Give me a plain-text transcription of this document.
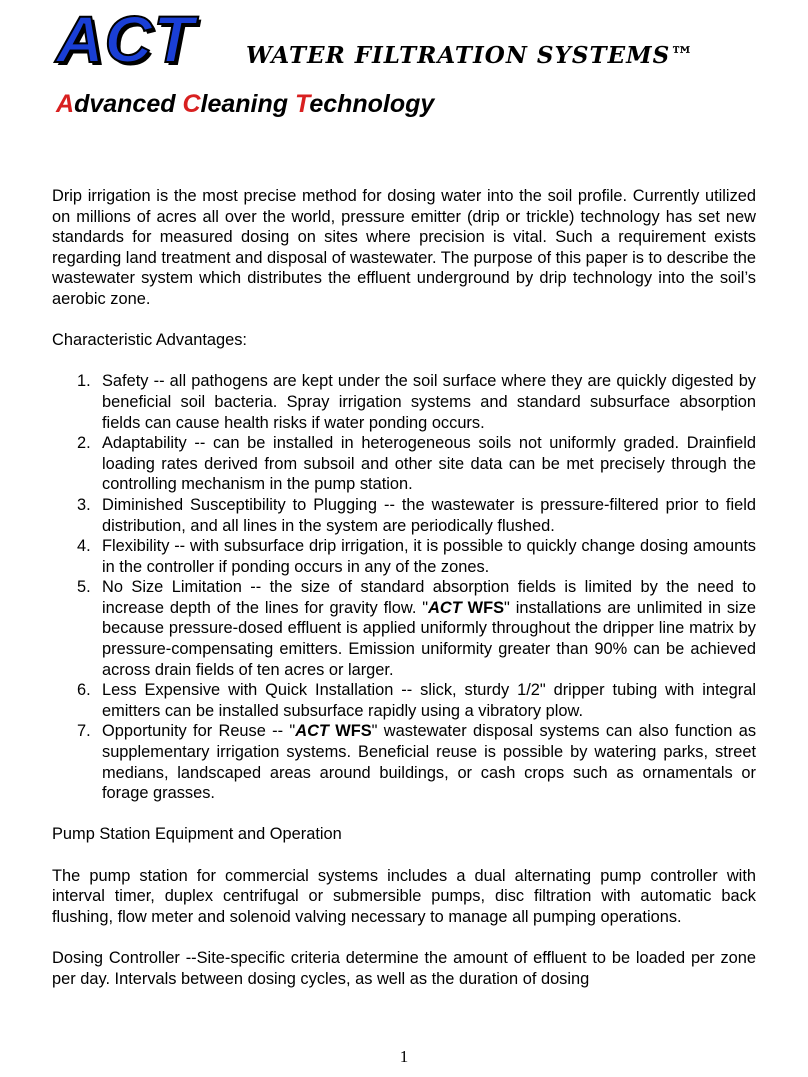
ACT WATER FILTRATION SYSTEMS™
Advanced Cleaning Technology

Drip irrigation is the most precise method for dosing water into the soil profile. Currently utilized on millions of acres all over the world, pressure emitter (drip or trickle) technology has set new standards for measured dosing on sites where precision is vital. Such a requirement exists regarding land treatment and disposal of wastewater. The purpose of this paper is to describe the wastewater system which distributes the effluent underground by drip technology into the soil’s aerobic zone.

Characteristic Advantages:

1. Safety -- all pathogens are kept under the soil surface where they are quickly digested by beneficial soil bacteria. Spray irrigation systems and standard subsurface absorption fields can cause health risks if water ponding occurs.
2. Adaptability -- can be installed in heterogeneous soils not uniformly graded. Drainfield loading rates derived from subsoil and other site data can be met precisely through the controlling mechanism in the pump station.
3. Diminished Susceptibility to Plugging -- the wastewater is pressure-filtered prior to field distribution, and all lines in the system are periodically flushed.
4. Flexibility -- with subsurface drip irrigation, it is possible to quickly change dosing amounts in the controller if ponding occurs in any of the zones.
5. No Size Limitation -- the size of standard absorption fields is limited by the need to increase depth of the lines for gravity flow. "ACT WFS" installations are unlimited in size because pressure-dosed effluent is applied uniformly throughout the dripper line matrix by pressure-compensating emitters. Emission uniformity greater than 90% can be achieved across drain fields of ten acres or larger.
6. Less Expensive with Quick Installation -- slick, sturdy 1/2" dripper tubing with integral emitters can be installed subsurface rapidly using a vibratory plow.
7. Opportunity for Reuse -- "ACT WFS" wastewater disposal systems can also function as supplementary irrigation systems. Beneficial reuse is possible by watering parks, street medians, landscaped areas around buildings, or cash crops such as ornamentals or forage grasses.

Pump Station Equipment and Operation

The pump station for commercial systems includes a dual alternating pump controller with interval timer, duplex centrifugal or submersible pumps, disc filtration with automatic back flushing, flow meter and solenoid valving necessary to manage all pumping operations.

Dosing Controller --Site-specific criteria determine the amount of effluent to be loaded per zone per day. Intervals between dosing cycles, as well as the duration of dosing

1
